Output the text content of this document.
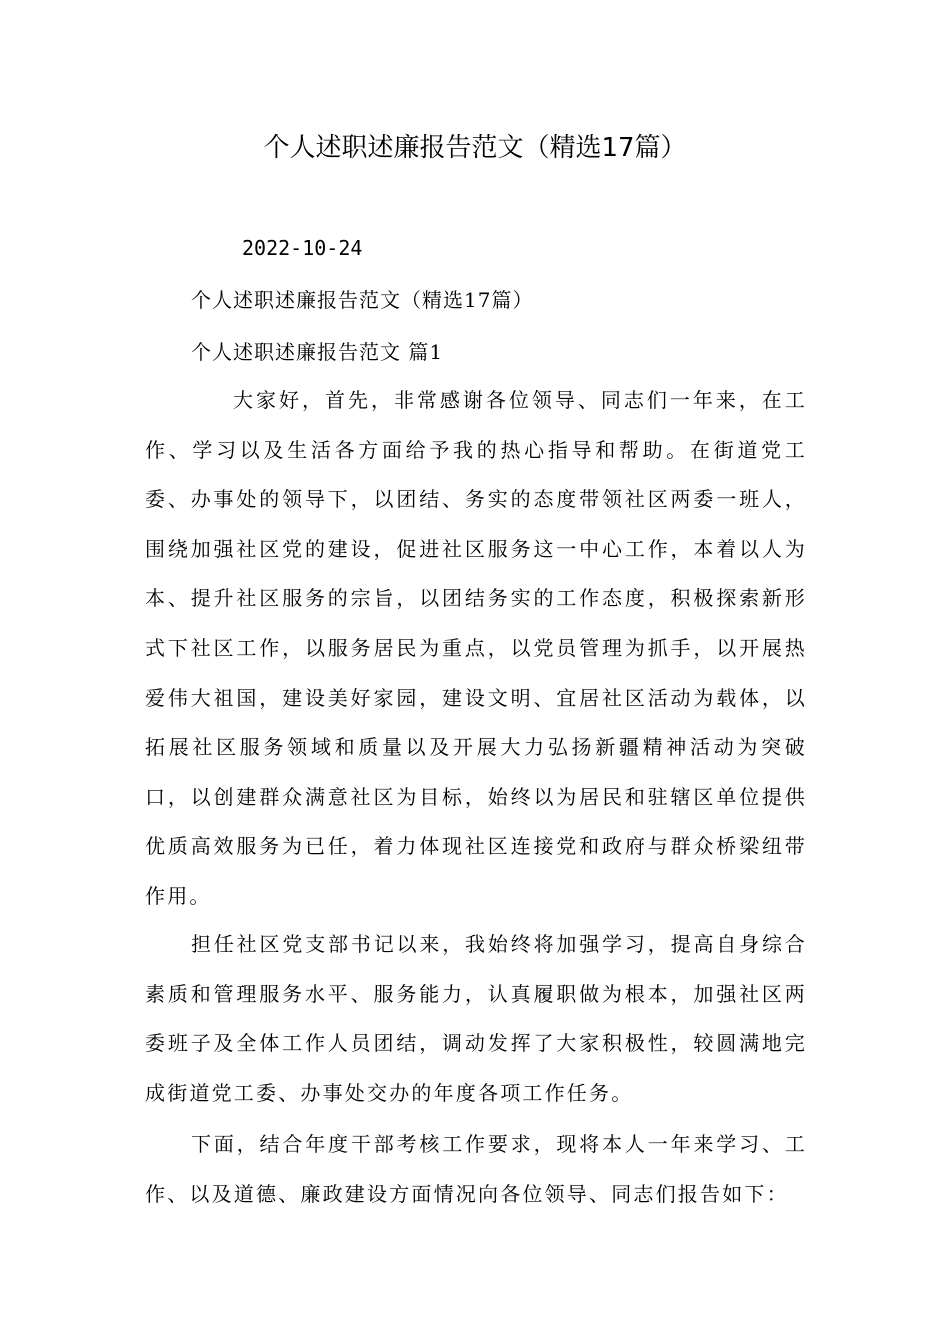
个人述职述廉报告范文（精选17篇）
2022-10-24
个人述职述廉报告范文（精选17篇）
个人述职述廉报告范文 篇1
大家好，首先，非常感谢各位领导、同志们一年来，在工作、学习以及生活各方面给予我的热心指导和帮助。在街道党工委、办事处的领导下，以团结、务实的态度带领社区两委一班人，围绕加强社区党的建设，促进社区服务这一中心工作，本着以人为本、提升社区服务的宗旨，以团结务实的工作态度，积极探索新形式下社区工作，以服务居民为重点，以党员管理为抓手，以开展热爱伟大祖国，建设美好家园，建设文明、宜居社区活动为载体，以拓展社区服务领域和质量以及开展大力弘扬新疆精神活动为突破口，以创建群众满意社区为目标，始终以为居民和驻辖区单位提供优质高效服务为已任，着力体现社区连接党和政府与群众桥梁纽带作用。
担任社区党支部书记以来，我始终将加强学习，提高自身综合素质和管理服务水平、服务能力，认真履职做为根本，加强社区两委班子及全体工作人员团结，调动发挥了大家积极性，较圆满地完成街道党工委、办事处交办的年度各项工作任务。
下面，结合年度干部考核工作要求，现将本人一年来学习、工作、以及道德、廉政建设方面情况向各位领导、同志们报告如下：
